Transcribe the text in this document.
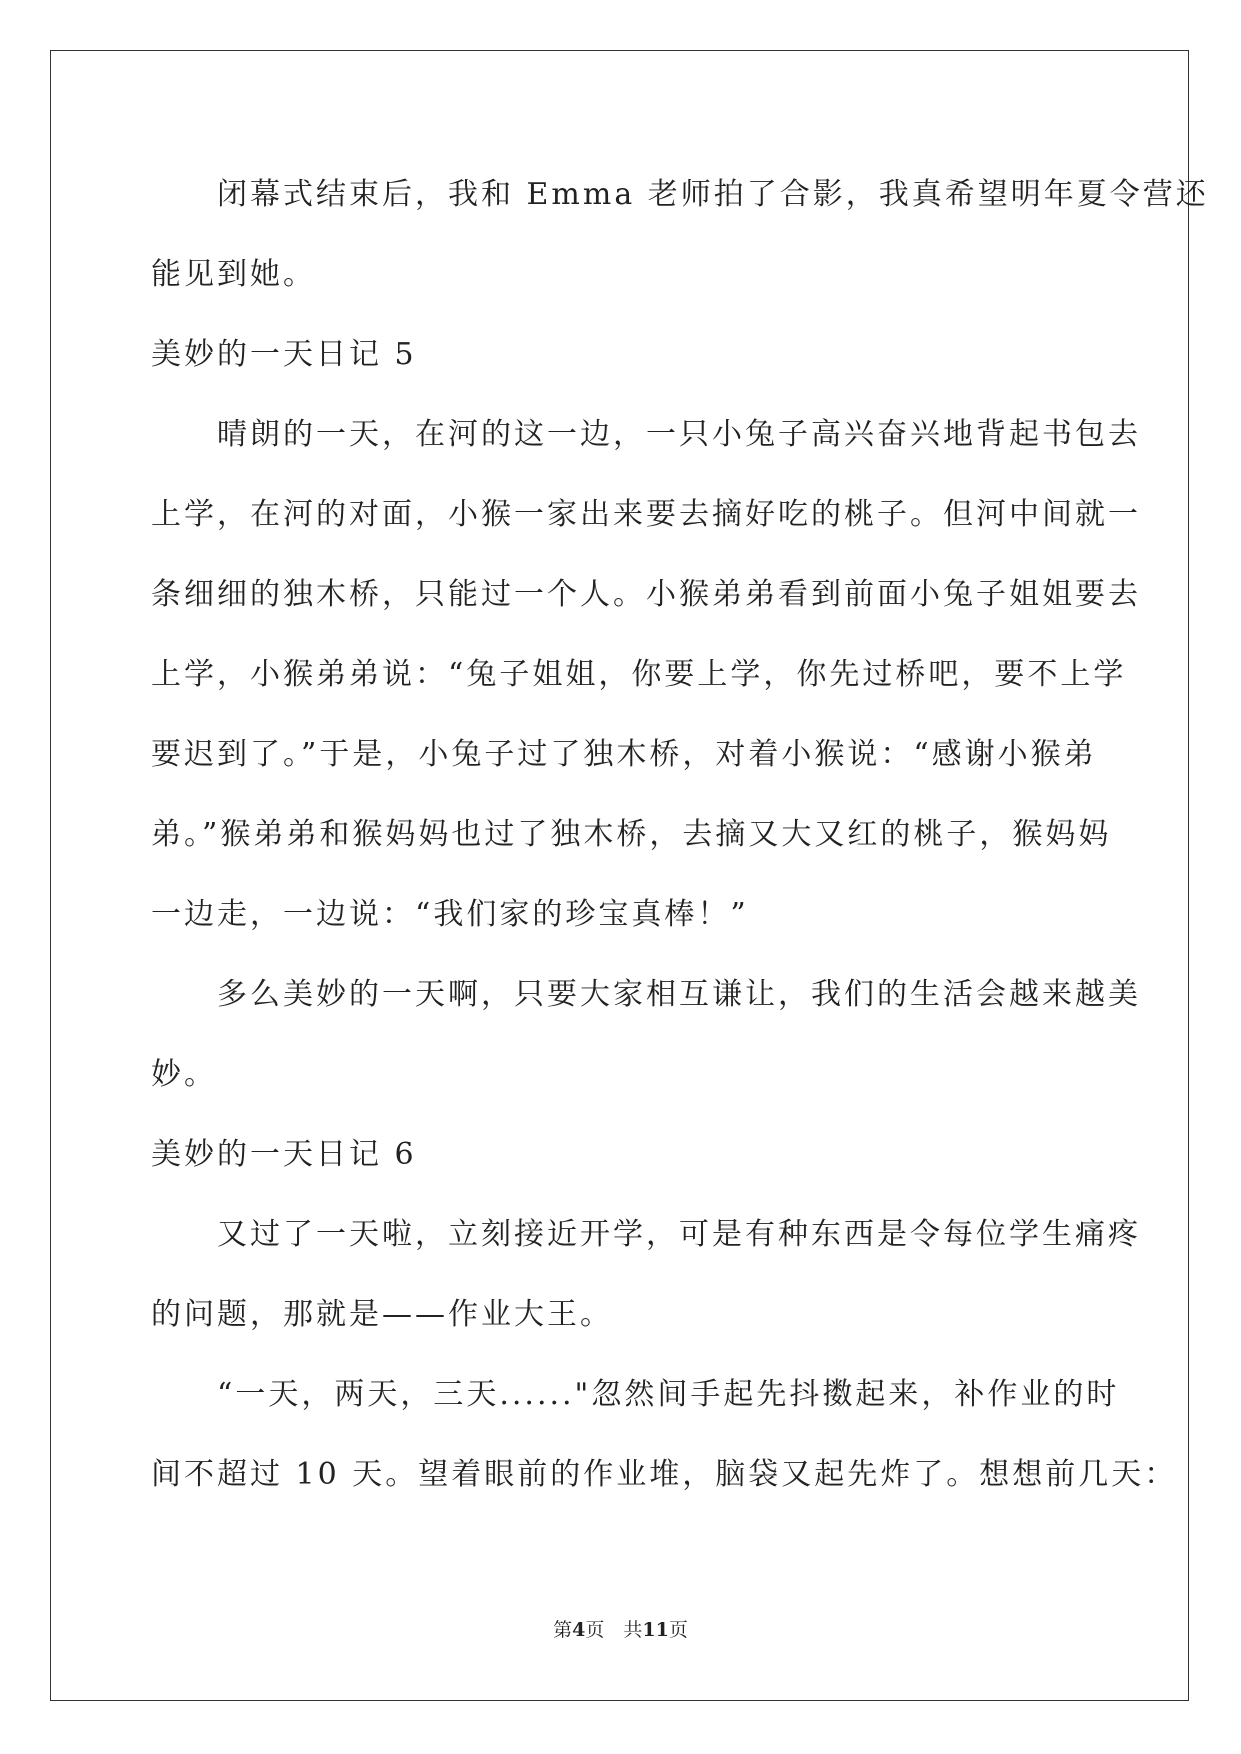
　　闭幕式结束后，我和 Emma 老师拍了合影，我真希望明年夏令营还
能见到她。
美妙的一天日记 5
　　晴朗的一天，在河的这一边，一只小兔子高兴奋兴地背起书包去
上学，在河的对面，小猴一家出来要去摘好吃的桃子。但河中间就一
条细细的独木桥，只能过一个人。小猴弟弟看到前面小兔子姐姐要去
上学，小猴弟弟说：“兔子姐姐，你要上学，你先过桥吧，要不上学
要迟到了。”于是，小兔子过了独木桥，对着小猴说：“感谢小猴弟
弟。”猴弟弟和猴妈妈也过了独木桥，去摘又大又红的桃子，猴妈妈
一边走，一边说：“我们家的珍宝真棒！”
　　多么美妙的一天啊，只要大家相互谦让，我们的生活会越来越美
妙。
美妙的一天日记 6
　　又过了一天啦，立刻接近开学，可是有种东西是令每位学生痛疼
的问题，那就是——作业大王。
　　“一天，两天，三天......"忽然间手起先抖擞起来，补作业的时
间不超过 10 天。望着眼前的作业堆，脑袋又起先炸了。想想前几天：
第4页　共11页
